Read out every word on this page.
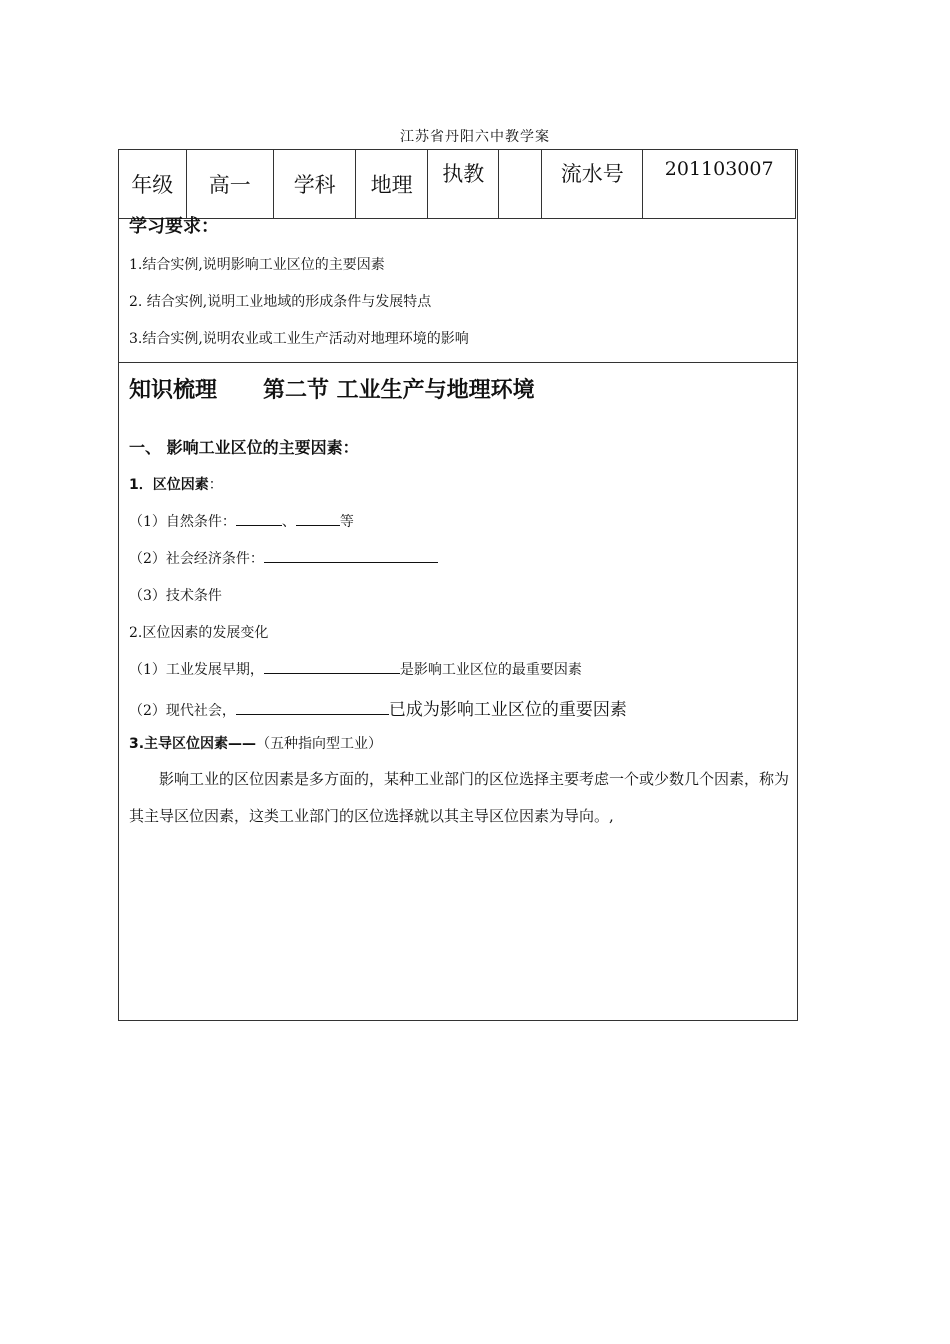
江苏省丹阳六中教学案
年级	高一	学科	地理	执教		流水号	201103007
学习要求：
1.结合实例,说明影响工业区位的主要因素
2. 结合实例,说明工业地域的形成条件与发展特点
3.结合实例,说明农业或工业生产活动对地理环境的影响
知识梳理 第二节 工业生产与地理环境
一、 影响工业区位的主要因素：
1．区位因素：
（1）自然条件：	、	等
（2）社会经济条件：
（3）技术条件
2.区位因素的发展变化
（1）工业发展早期，	是影响工业区位的最重要因素
（2）现代社会，	已成为影响工业区位的重要因素
3.主导区位因素——（五种指向型工业）
影响工业的区位因素是多方面的，某种工业部门的区位选择主要考虑一个或少数几个因素，称为其主导区位因素，这类工业部门的区位选择就以其主导区位因素为导向。,
